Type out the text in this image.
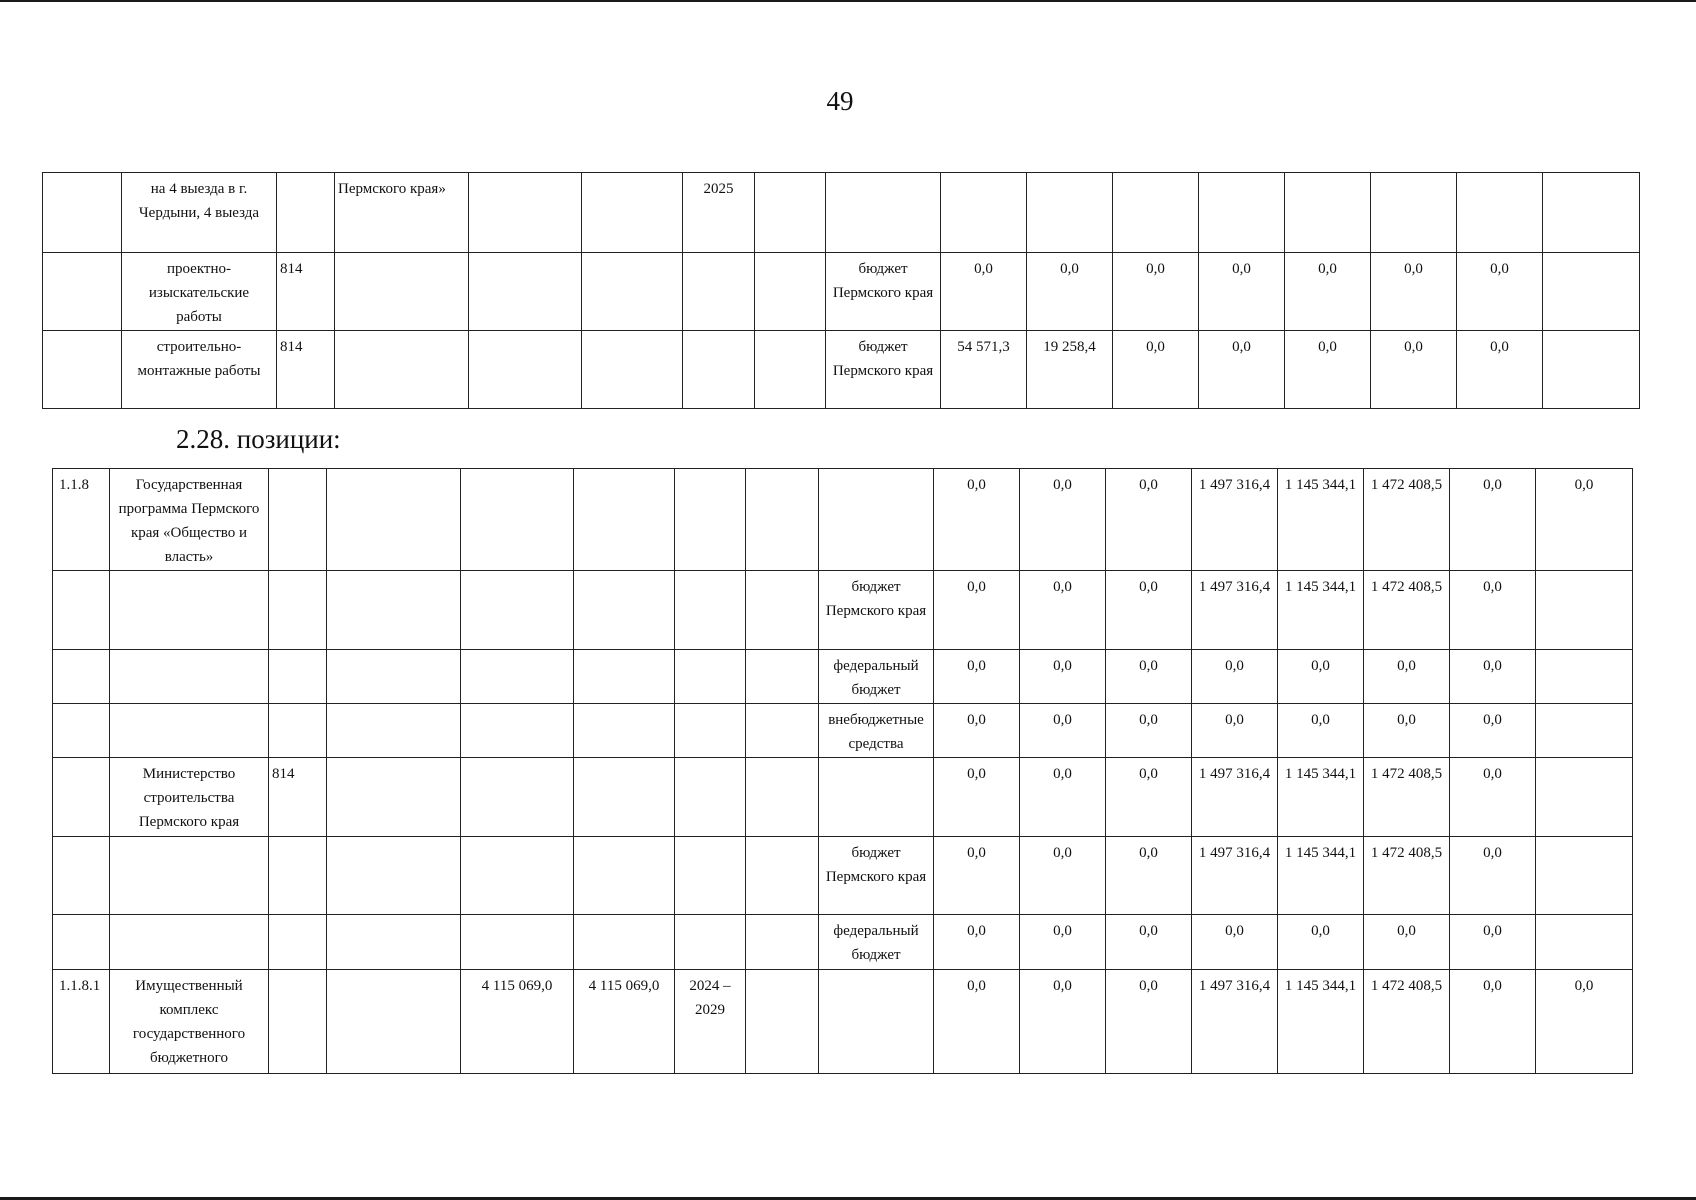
49
	на 4 выезда в г. Чердыни, 4 выезда		Пермского края»			2025										
	проектно-изыскательские работы	814						бюджет Пермского края	0,0	0,0	0,0	0,0	0,0	0,0	0,0	
	строительно-монтажные работы	814						бюджет Пермского края	54 571,3	19 258,4	0,0	0,0	0,0	0,0	0,0	
2.28. позиции:
1.1.8	Государственная программа Пермского края «Общество и власть»								0,0	0,0	0,0	1 497 316,4	1 145 344,1	1 472 408,5	0,0	0,0
								бюджет Пермского края	0,0	0,0	0,0	1 497 316,4	1 145 344,1	1 472 408,5	0,0	
								федеральный бюджет	0,0	0,0	0,0	0,0	0,0	0,0	0,0	
								внебюджетные средства	0,0	0,0	0,0	0,0	0,0	0,0	0,0	
	Министерство строительства Пермского края	814							0,0	0,0	0,0	1 497 316,4	1 145 344,1	1 472 408,5	0,0	
								бюджет Пермского края	0,0	0,0	0,0	1 497 316,4	1 145 344,1	1 472 408,5	0,0	
								федеральный бюджет	0,0	0,0	0,0	0,0	0,0	0,0	0,0	
1.1.8.1	Имущественный комплекс государственного бюджетного			4 115 069,0	4 115 069,0	2024 – 2029			0,0	0,0	0,0	1 497 316,4	1 145 344,1	1 472 408,5	0,0	0,0
